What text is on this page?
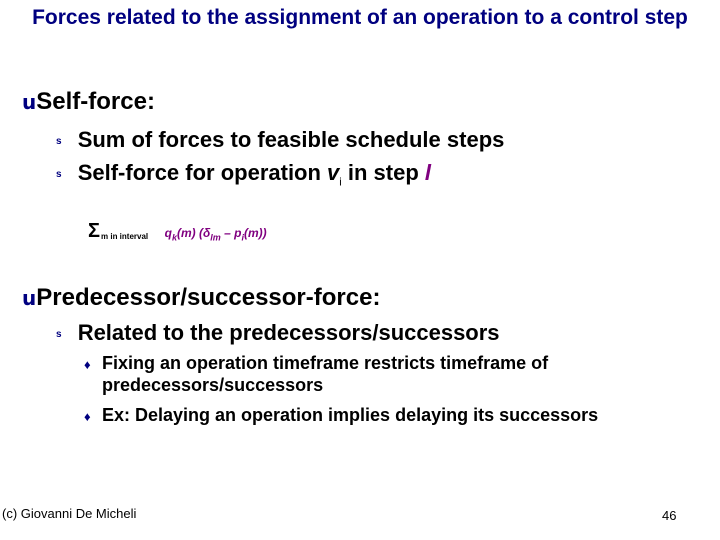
Forces related to the assignment of an operation to a control step
uSelf-force:
s Sum of forces to feasible schedule steps
s Self-force for operation $v_i$ in step l
Σm in interval $q_k(m)$ $(\delta_{lm} - p_i(m))$
uPredecessor/successor-force:
s Related to the predecessors/successors
♦ Fixing an operation timeframe restricts timeframe of predecessors/successors
♦ Ex: Delaying an operation implies delaying its successors
(c) Giovanni De Micheli	46
